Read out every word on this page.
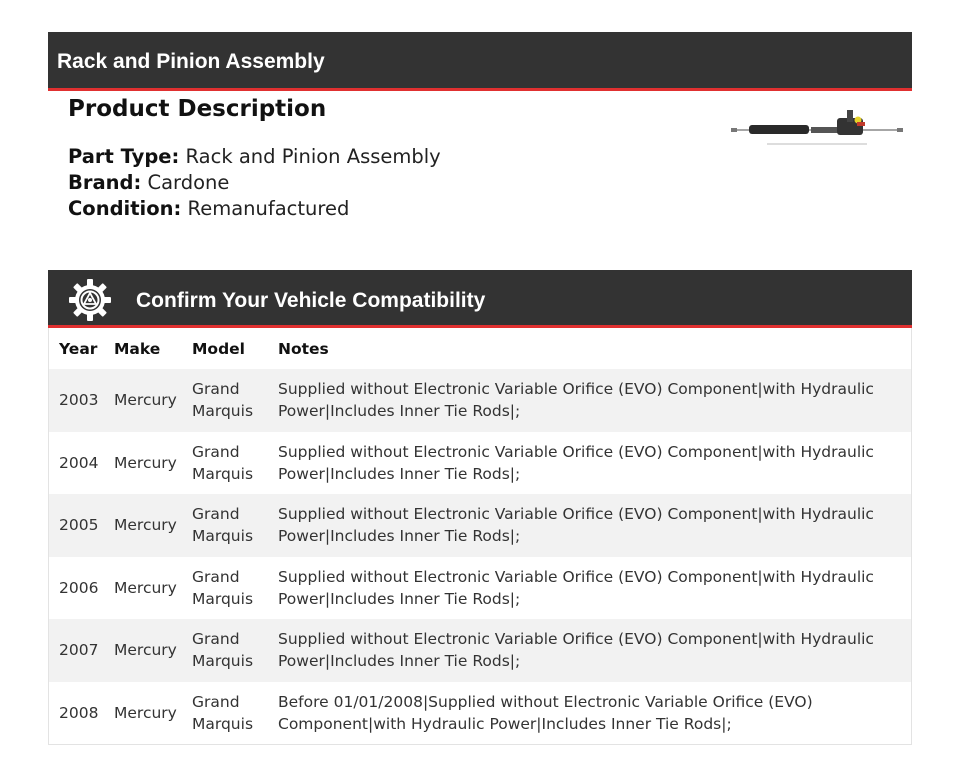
Rack and Pinion Assembly
Product Description
Part Type: Rack and Pinion Assembly
Brand: Cardone
Condition: Remanufactured
Confirm Your Vehicle Compatibility
Year	Make	Model	Notes
2003	Mercury	Grand Marquis	Supplied without Electronic Variable Orifice (EVO) Component|with Hydraulic Power|Includes Inner Tie Rods|;
2004	Mercury	Grand Marquis	Supplied without Electronic Variable Orifice (EVO) Component|with Hydraulic Power|Includes Inner Tie Rods|;
2005	Mercury	Grand Marquis	Supplied without Electronic Variable Orifice (EVO) Component|with Hydraulic Power|Includes Inner Tie Rods|;
2006	Mercury	Grand Marquis	Supplied without Electronic Variable Orifice (EVO) Component|with Hydraulic Power|Includes Inner Tie Rods|;
2007	Mercury	Grand Marquis	Supplied without Electronic Variable Orifice (EVO) Component|with Hydraulic Power|Includes Inner Tie Rods|;
2008	Mercury	Grand Marquis	Before 01/01/2008|Supplied without Electronic Variable Orifice (EVO) Component|with Hydraulic Power|Includes Inner Tie Rods|;
